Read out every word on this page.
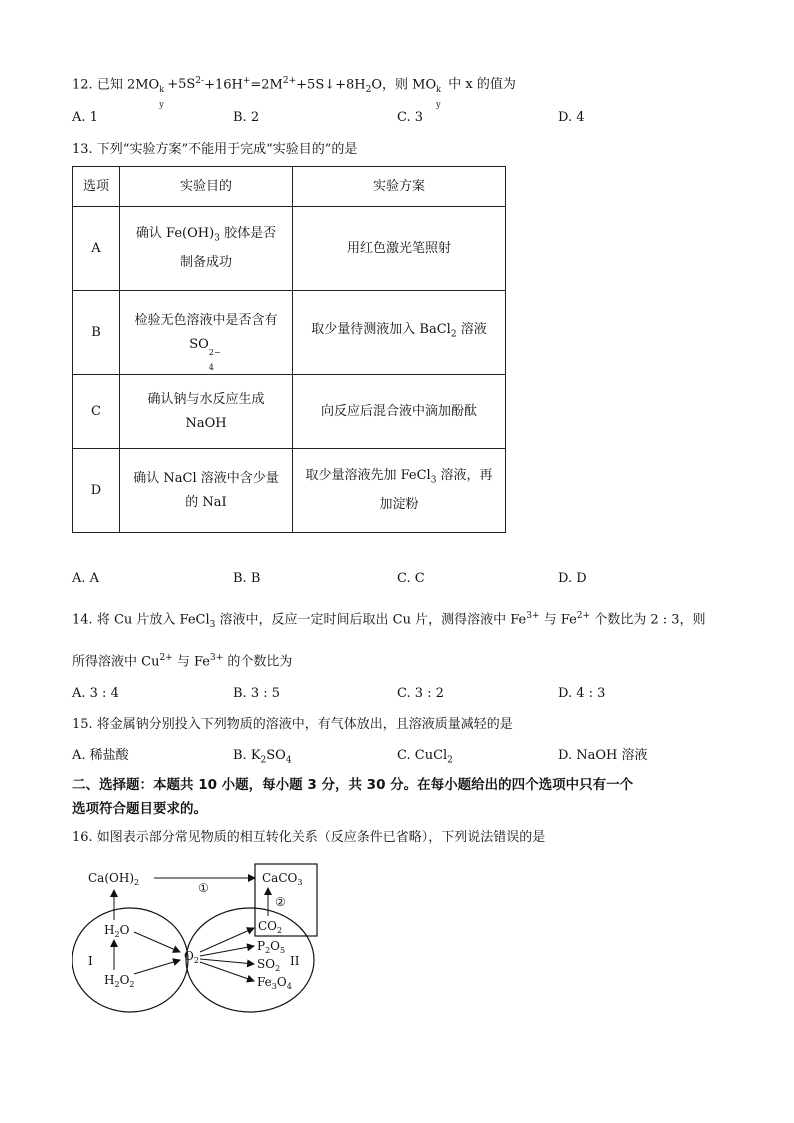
12. 已知 2MO k
y
$+5S^{2-}+16H^+=2M^{2+}+5S↓+8H_2O$，则 MO k
y
中 x 的值为
A. 1	B. 2	C. 3	D. 4
13. 下列“实验方案”不能用于完成“实验目的”的是
选项	实验目的	实验方案
A	确认 $Fe(OH)_3$ 胶体是否
制备成功	用红色激光笔照射
B	检验无色溶液中是否含有
SO
2−
4	取少量待测液加入 BaCl$_2$ 溶液
C	确认钠与水反应生成
NaOH	向反应后混合液中滴加酚酞
D	确认 NaCl 溶液中含少量
的 NaI	取少量溶液先加 FeCl$_3$ 溶液，再
加淀粉
A. A	B. B	C. C	D. D
14. 将 Cu 片放入 FeCl$_3$ 溶液中，反应一定时间后取出 Cu 片，测得溶液中 $Fe^{3+}$ 与 $Fe^{2+}$ 个数比为 2 : 3，则
所得溶液中 $Cu^{2+}$ 与 $Fe^{3+}$ 的个数比为
A. 3 : 4	B. 3 : 5	C. 3 : 2	D. 4 : 3
15. 将金属钠分别投入下列物质的溶液中，有气体放出，且溶液质量减轻的是
A. 稀盐酸	B. $K_2SO_4$	C. CuCl$_2$	D. NaOH 溶液
二、选择题：本题共 10 小题，每小题 3 分，共 30 分。在每小题给出的四个选项中只有一个
选项符合题目要求的。
16. 如图表示部分常见物质的相互转化关系（反应条件已省略），下列说法错误的是
$Ca(OH)_2$	CaCO$_3$
①
②
$H_2O$
I	$O_2$
$H_2O_2$
$CO_2$
$P_2O_5$
$SO_2$
II
$Fe_3O_4$
